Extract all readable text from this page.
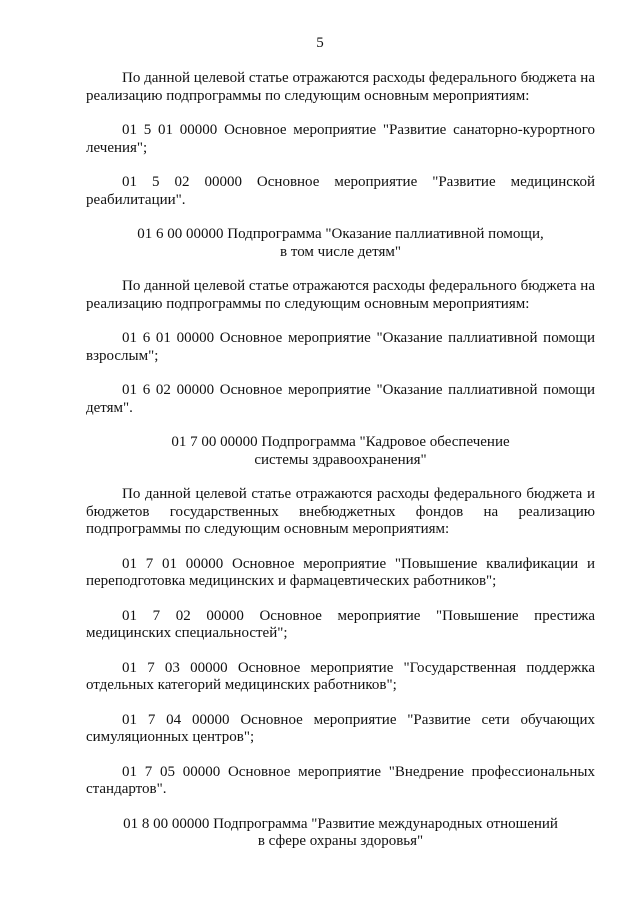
5

По данной целевой статье отражаются расходы федерального бюджета на реализацию подпрограммы по следующим основным мероприятиям:

01 5 01 00000 Основное мероприятие "Развитие санаторно-курортного лечения";

01 5 02 00000 Основное мероприятие "Развитие медицинской реабилитации".

01 6 00 00000 Подпрограмма "Оказание паллиативной помощи,
в том числе детям"

По данной целевой статье отражаются расходы федерального бюджета на реализацию подпрограммы по следующим основным мероприятиям:

01 6 01 00000 Основное мероприятие "Оказание паллиативной помощи взрослым";

01 6 02 00000 Основное мероприятие "Оказание паллиативной помощи детям".

01 7 00 00000 Подпрограмма "Кадровое обеспечение
системы здравоохранения"

По данной целевой статье отражаются расходы федерального бюджета и бюджетов государственных внебюджетных фондов на реализацию подпрограммы по следующим основным мероприятиям:

01 7 01 00000 Основное мероприятие "Повышение квалификации и переподготовка медицинских и фармацевтических работников";

01 7 02 00000 Основное мероприятие "Повышение престижа медицинских специальностей";

01 7 03 00000 Основное мероприятие "Государственная поддержка отдельных категорий медицинских работников";

01 7 04 00000 Основное мероприятие "Развитие сети обучающих симуляционных центров";

01 7 05 00000 Основное мероприятие "Внедрение профессиональных стандартов".

01 8 00 00000 Подпрограмма "Развитие международных отношений
в сфере охраны здоровья"
